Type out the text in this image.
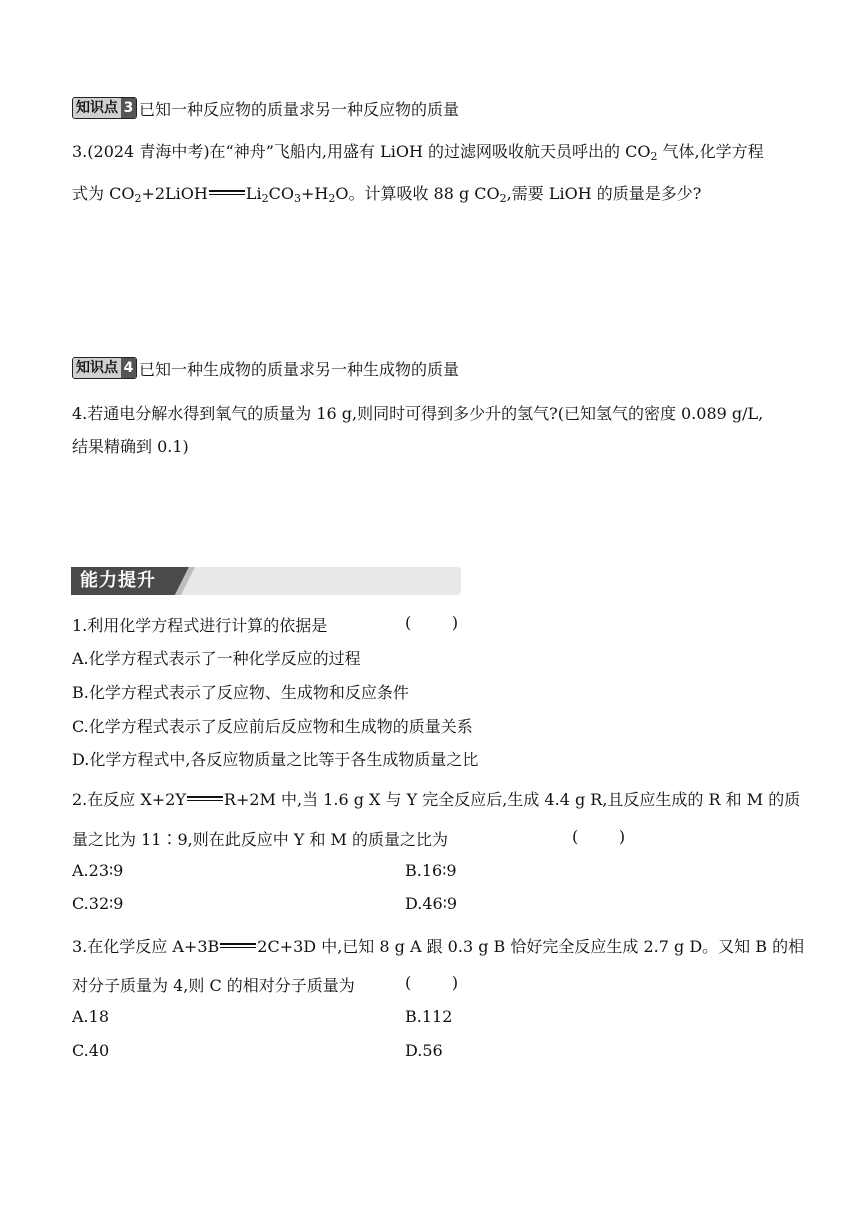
知识点 3 已知一种反应物的质量求另一种反应物的质量
3.(2024 青海中考)在“神舟”飞船内,用盛有 LiOH 的过滤网吸收航天员呼出的 $CO_2$ 气体,化学方程
式为 $CO_2+2LiOH$ $Li_2CO_3+H_2O$。计算吸收 88 g $CO_2$,需要 LiOH 的质量是多少?
知识点 4 已知一种生成物的质量求另一种生成物的质量
4.若通电分解水得到氧气的质量为 16 g,则同时可得到多少升的氢气?(已知氢气的密度 0.089 g/L,
结果精确到 0.1)
能力提升
1.利用化学方程式进行计算的依据是	(        )
A.化学方程式表示了一种化学反应的过程
B.化学方程式表示了反应物、生成物和反应条件
C.化学方程式表示了反应前后反应物和生成物的质量关系
D.化学方程式中,各反应物质量之比等于各生成物质量之比
2.在反应 X+2Y R+2M 中,当 1.6 g X 与 Y 完全反应后,生成 4.4 g R,且反应生成的 R 和 M 的质
量之比为 11∶9,则在此反应中 Y 和 M 的质量之比为	(        )
A.23∶9	B.16∶9
C.32∶9	D.46∶9
3.在化学反应 A+3B 2C+3D 中,已知 8 g A 跟 0.3 g B 恰好完全反应生成 2.7 g D。又知 B 的相
对分子质量为 4,则 C 的相对分子质量为	(        )
A.18	B.112
C.40	D.56
